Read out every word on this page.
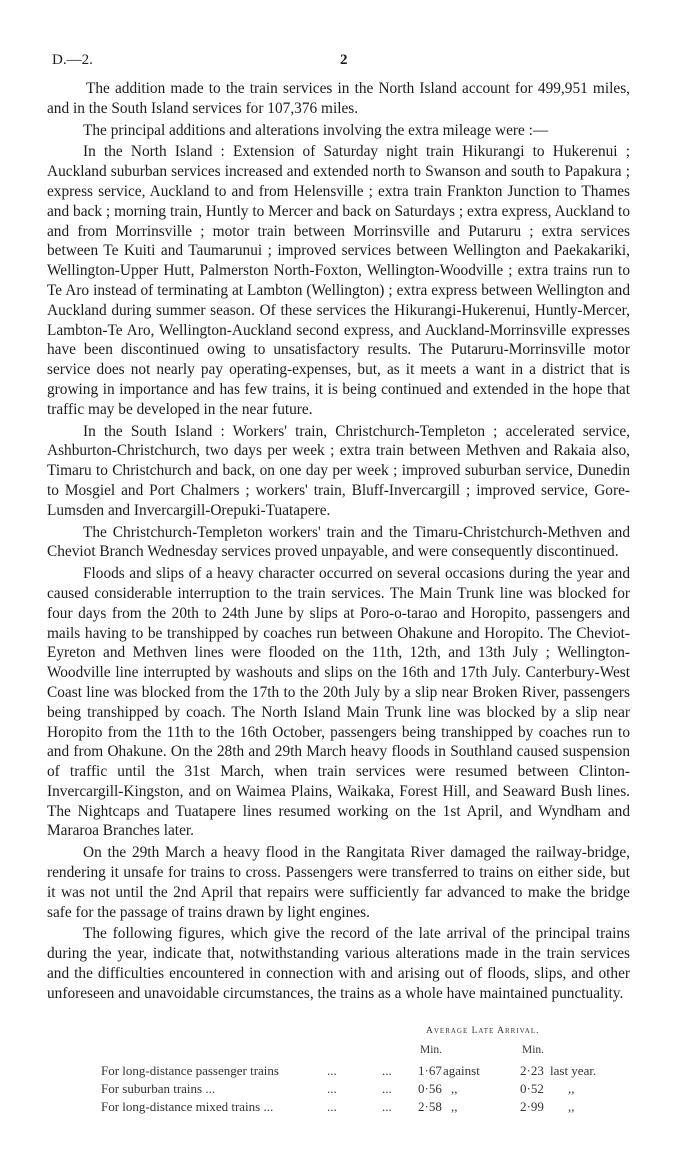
D.—2.	2

The addition made to the train services in the North Island account for 499,951 miles, and in the South Island services for 107,376 miles.

The principal additions and alterations involving the extra mileage were :—

In the North Island : Extension of Saturday night train Hikurangi to Hukerenui ; Auckland suburban services increased and extended north to Swanson and south to Papakura ; express service, Auckland to and from Helensville ; extra train Frankton Junction to Thames and back ; morning train, Huntly to Mercer and back on Saturdays ; extra express, Auckland to and from Morrinsville ; motor train between Morrinsville and Putaruru ; extra services between Te Kuiti and Taumarunui ; improved services between Wellington and Paekakariki, Wellington-Upper Hutt, Palmerston North-Foxton, Wellington-Woodville ; extra trains run to Te Aro instead of terminating at Lambton (Wellington) ; extra express between Wellington and Auckland during summer season. Of these services the Hikurangi-Hukerenui, Huntly-Mercer, Lambton-Te Aro, Wellington-Auckland second express, and Auckland-Morrinsville expresses have been discontinued owing to unsatisfactory results. The Putaruru-Morrinsville motor service does not nearly pay operating-expenses, but, as it meets a want in a district that is growing in importance and has few trains, it is being continued and extended in the hope that traffic may be developed in the near future.

In the South Island : Workers' train, Christchurch-Templeton ; accelerated service, Ashburton-Christchurch, two days per week ; extra train between Methven and Rakaia also, Timaru to Christchurch and back, on one day per week ; improved suburban service, Dunedin to Mosgiel and Port Chalmers ; workers' train, Bluff-Invercargill ; improved service, Gore-Lumsden and Invercargill-Orepuki-Tuatapere.

The Christchurch-Templeton workers' train and the Timaru-Christchurch-Methven and Cheviot Branch Wednesday services proved unpayable, and were consequently discontinued.

Floods and slips of a heavy character occurred on several occasions during the year and caused considerable interruption to the train services. The Main Trunk line was blocked for four days from the 20th to 24th June by slips at Poro-o-tarao and Horopito, passengers and mails having to be transhipped by coaches run between Ohakune and Horopito. The Cheviot-Eyreton and Methven lines were flooded on the 11th, 12th, and 13th July ; Wellington-Woodville line interrupted by washouts and slips on the 16th and 17th July. Canterbury-West Coast line was blocked from the 17th to the 20th July by a slip near Broken River, passengers being transhipped by coach. The North Island Main Trunk line was blocked by a slip near Horopito from the 11th to the 16th October, passengers being transhipped by coaches run to and from Ohakune. On the 28th and 29th March heavy floods in Southland caused suspension of traffic until the 31st March, when train services were resumed between Clinton-Invercargill-Kingston, and on Waimea Plains, Waikaka, Forest Hill, and Seaward Bush lines. The Nightcaps and Tuatapere lines resumed working on the 1st April, and Wyndham and Mararoa Branches later.

On the 29th March a heavy flood in the Rangitata River damaged the railway-bridge, rendering it unsafe for trains to cross. Passengers were transferred to trains on either side, but it was not until the 2nd April that repairs were sufficiently far advanced to make the bridge safe for the passage of trains drawn by light engines.

The following figures, which give the record of the late arrival of the principal trains during the year, indicate that, notwithstanding various alterations made in the train services and the difficulties encountered in connection with and arising out of floods, slips, and other unforeseen and unavoidable circumstances, the trains as a whole have maintained punctuality.

Average Late Arrival.
Min.	Min.
For long-distance passenger trains	...	... 1·67 against	2·23 last year.
For suburban trains ...	...	... 0·56 ,,	0·52 ,,
For long-distance mixed trains ...	...	... 2·58 ,,	2·99 ,,
